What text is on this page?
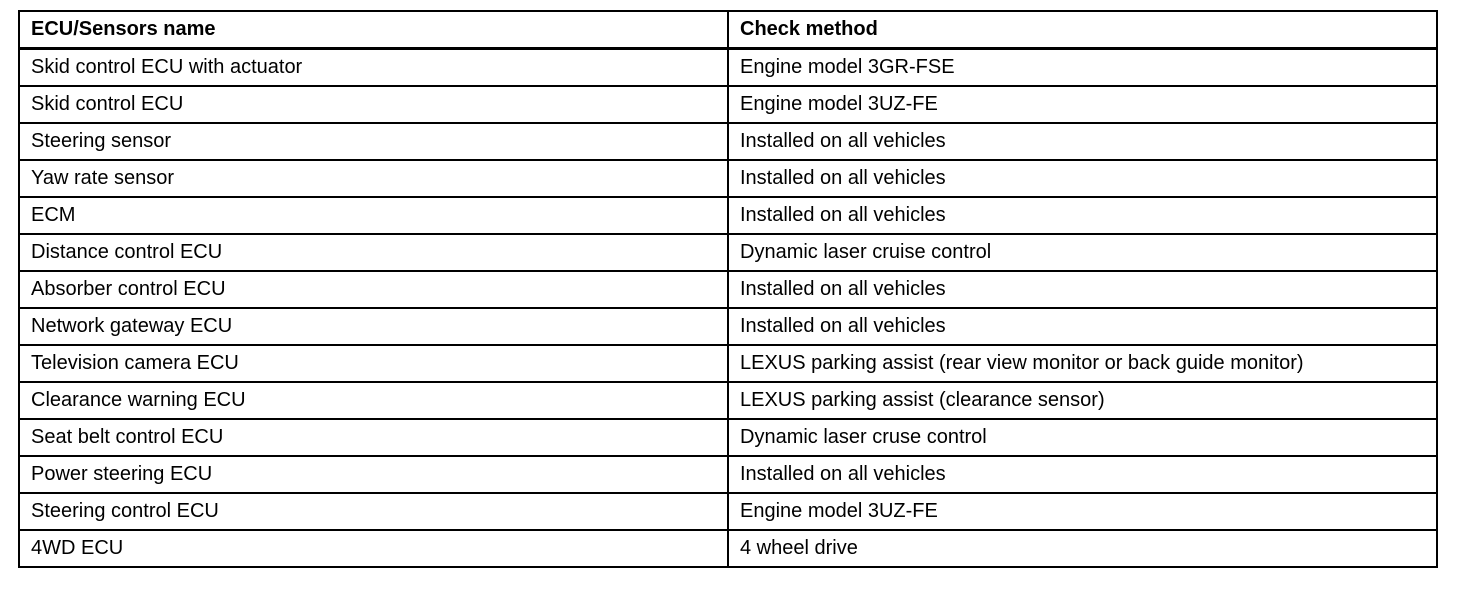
ECU/Sensors name	Check method
Skid control ECU with actuator	Engine model 3GR-FSE
Skid control ECU	Engine model 3UZ-FE
Steering sensor	Installed on all vehicles
Yaw rate sensor	Installed on all vehicles
ECM	Installed on all vehicles
Distance control ECU	Dynamic laser cruise control
Absorber control ECU	Installed on all vehicles
Network gateway ECU	Installed on all vehicles
Television camera ECU	LEXUS parking assist (rear view monitor or back guide monitor)
Clearance warning ECU	LEXUS parking assist (clearance sensor)
Seat belt control ECU	Dynamic laser cruse control
Power steering ECU	Installed on all vehicles
Steering control ECU	Engine model 3UZ-FE
4WD ECU	4 wheel drive
